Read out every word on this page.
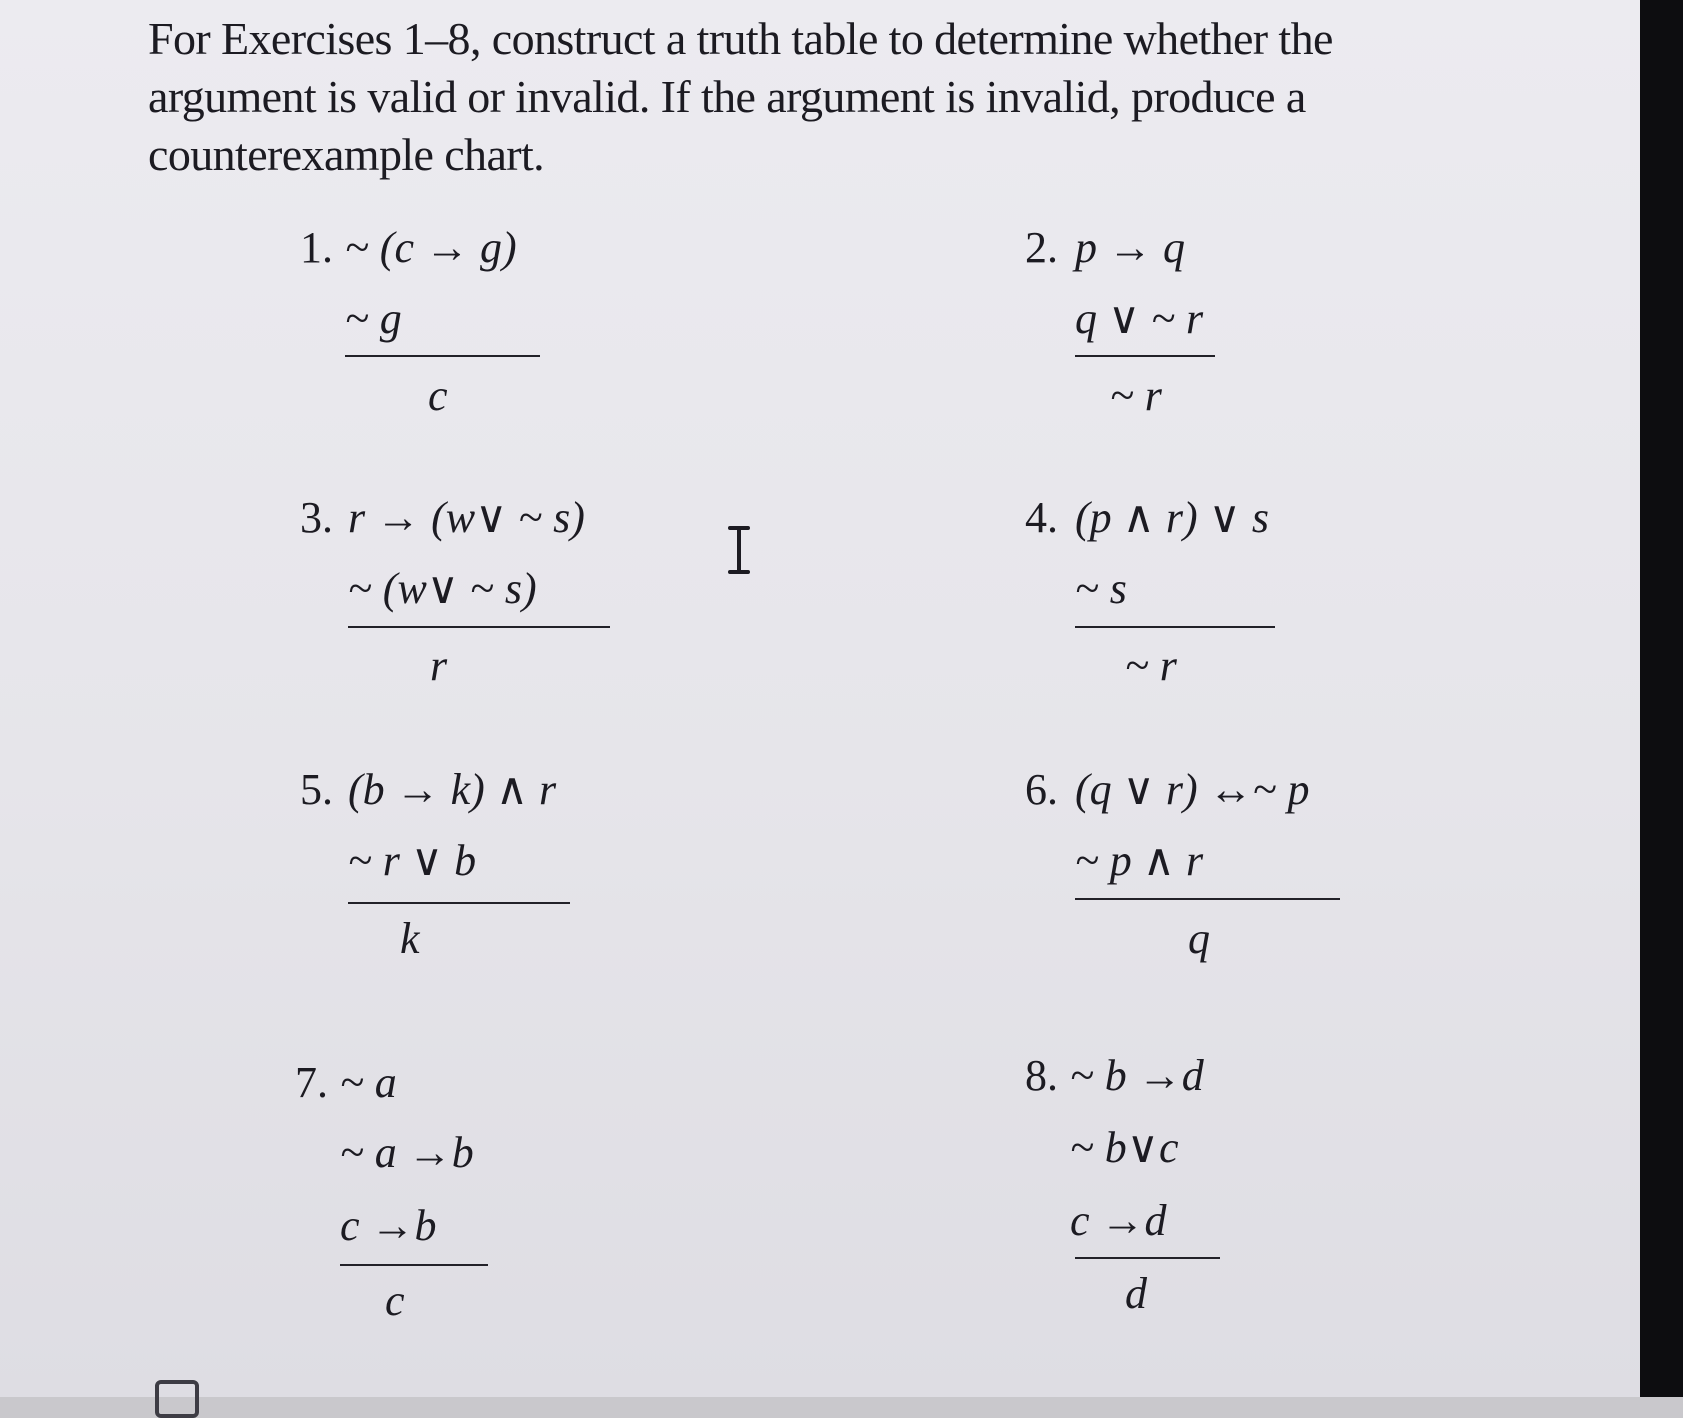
For Exercises 1–8, construct a truth table to determine whether the argument is valid or invalid. If the argument is invalid, produce a counterexample chart.

1. ~ (c → g)
~ g
c
2. p → q
q ∨ ~ r
~ r
3. r → (w∨ ~ s)
~ (w∨ ~ s)
r
4. (p ∧ r) ∨ s
~ s
~ r
5. (b → k) ∧ r
~ r ∨ b
k
6. (q ∨ r) ↔~ p
~ p ∧ r
q
7. ~ a
~ a →b
c →b
c
8. ~ b →d
~ b∨c
c →d
d
